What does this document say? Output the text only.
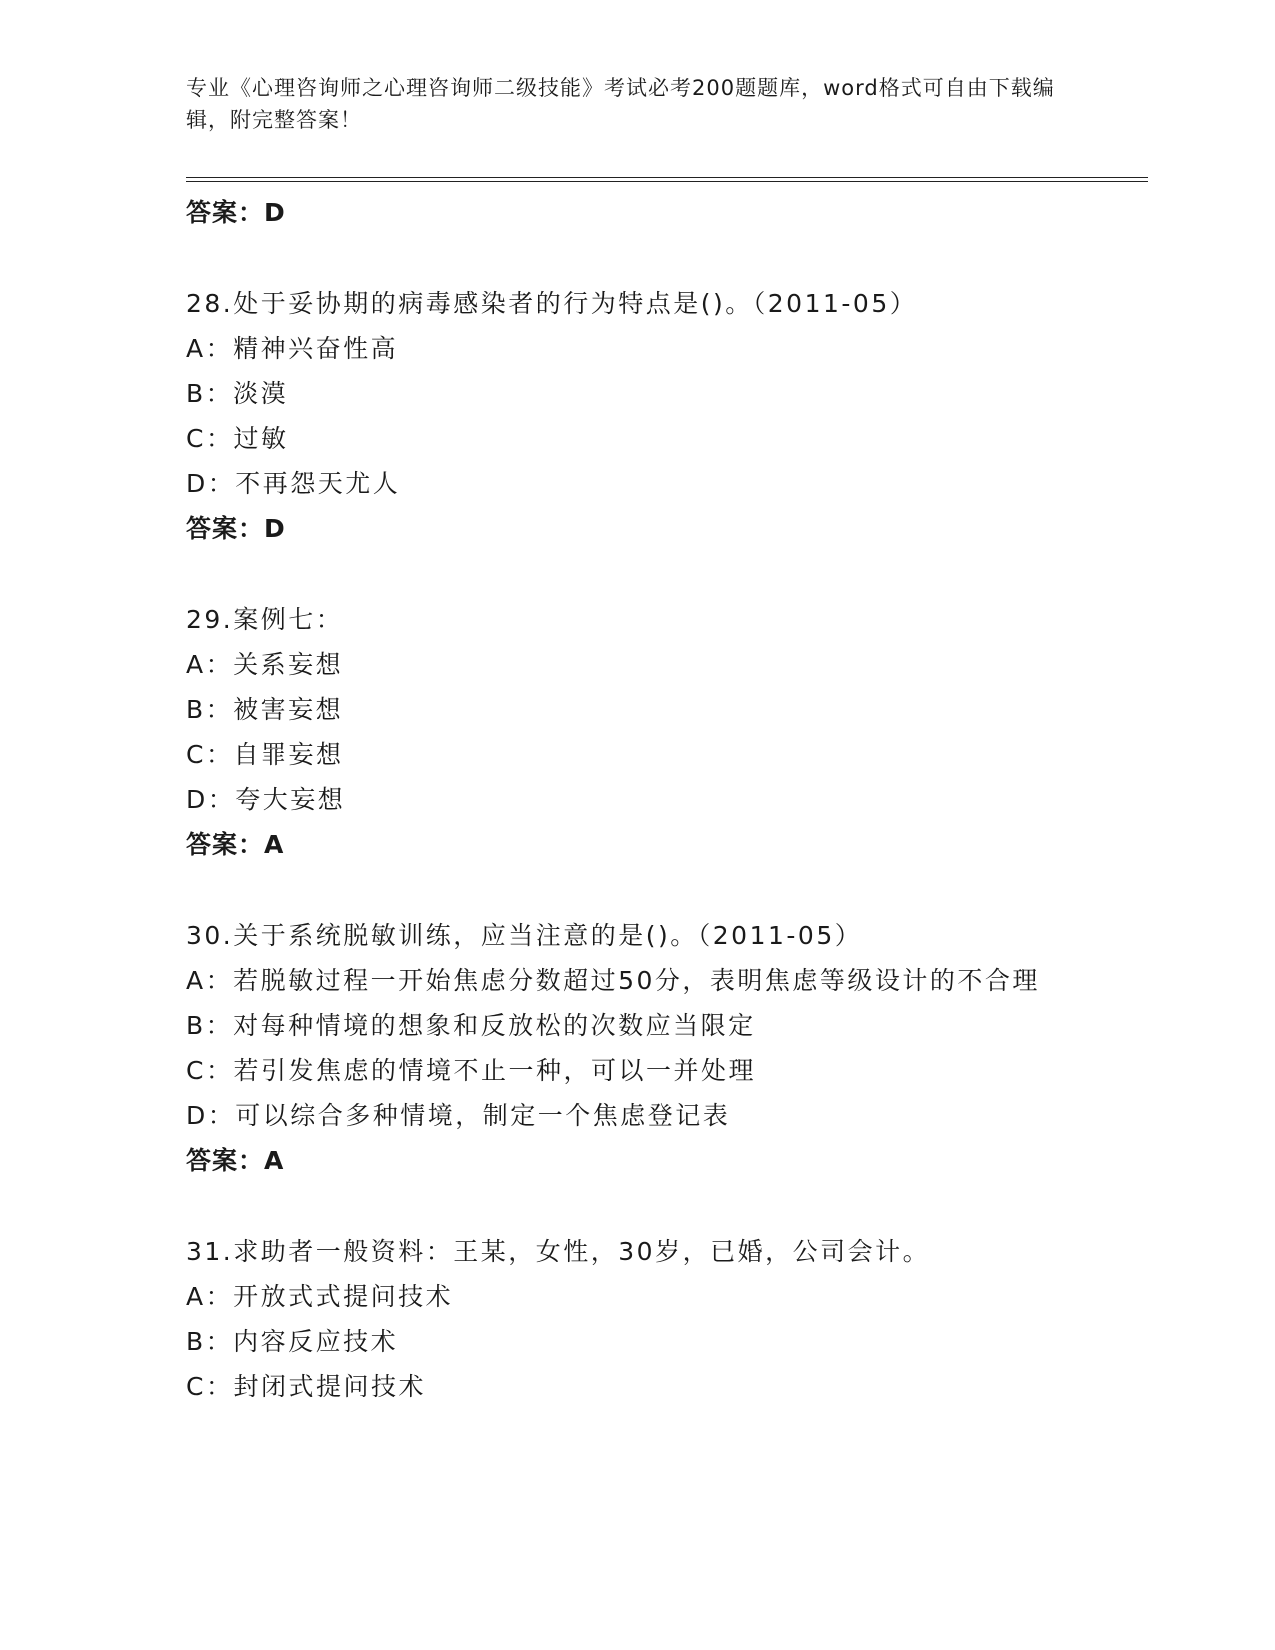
专业《心理咨询师之心理咨询师二级技能》考试必考200题题库，word格式可自由下载编辑，附完整答案！
答案：D
28.处于妥协期的病毒感染者的行为特点是()。（2011-05）
A：精神兴奋性高
B：淡漠
C：过敏
D：不再怨天尤人
答案：D
29.案例七：
A：关系妄想
B：被害妄想
C：自罪妄想
D：夸大妄想
答案：A
30.关于系统脱敏训练，应当注意的是()。（2011-05）
A：若脱敏过程一开始焦虑分数超过50分，表明焦虑等级设计的不合理
B：对每种情境的想象和反放松的次数应当限定
C：若引发焦虑的情境不止一种，可以一并处理
D：可以综合多种情境，制定一个焦虑登记表
答案：A
31.求助者一般资料：王某，女性，30岁，已婚，公司会计。
A：开放式式提问技术
B：内容反应技术
C：封闭式提问技术
